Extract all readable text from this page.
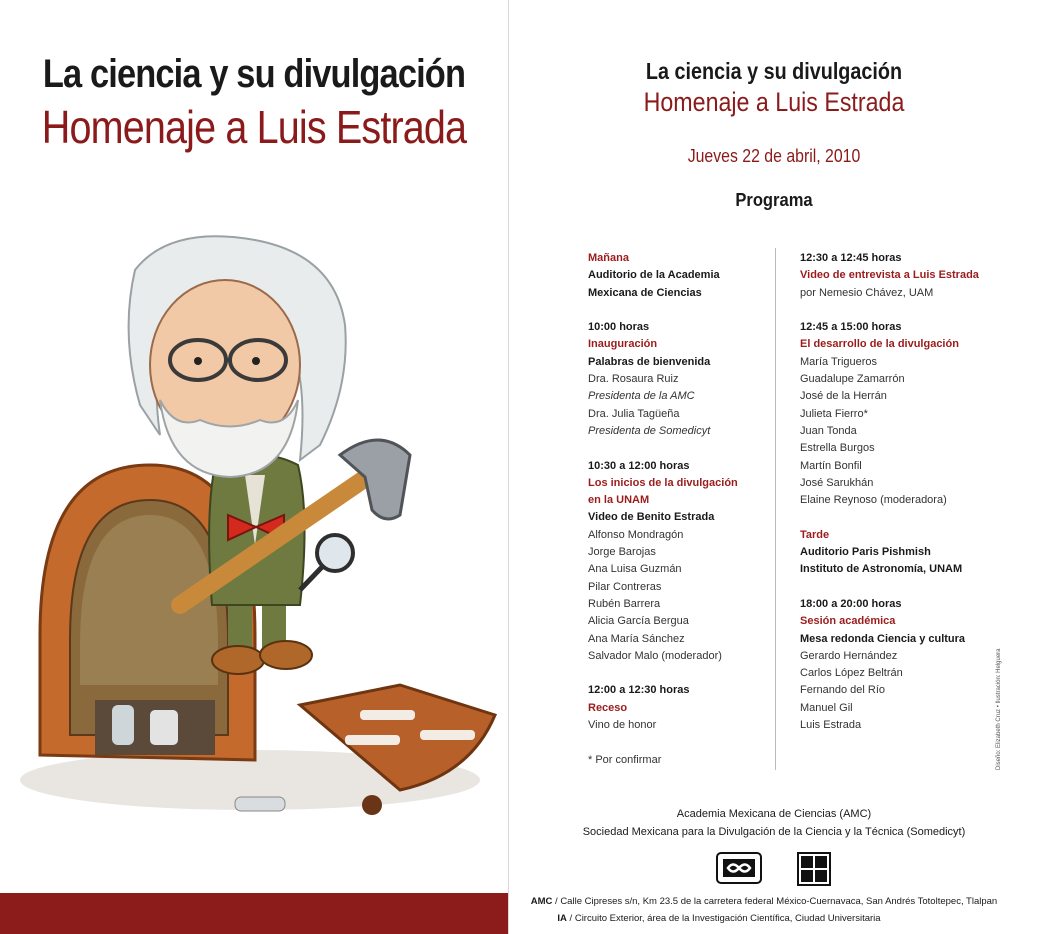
La ciencia y su divulgación
Homenaje a Luis Estrada
La ciencia y su divulgación
Homenaje a Luis Estrada
Jueves 22 de abril, 2010
Programa
Mañana
Auditorio de la Academia
Mexicana de Ciencias
10:00 horas
Inauguración
Palabras de bienvenida
Dra. Rosaura Ruiz
Presidenta de la AMC
Dra. Julia Tagüeña
Presidenta de Somedicyt
10:30 a 12:00 horas
Los inicios de la divulgación
en la UNAM
Video de Benito Estrada
Alfonso Mondragón
Jorge Barojas
Ana Luisa Guzmán
Pilar Contreras
Rubén Barrera
Alicia García Bergua
Ana María Sánchez
Salvador Malo (moderador)
12:00 a 12:30 horas
Receso
Vino de honor
* Por confirmar
12:30 a 12:45 horas
Video de entrevista a Luis Estrada
por Nemesio Chávez, UAM
12:45 a 15:00 horas
El desarrollo de la divulgación
María Trigueros
Guadalupe Zamarrón
José de la Herrán
Julieta Fierro*
Juan Tonda
Estrella Burgos
Martín Bonfil
José Sarukhán
Elaine Reynoso (moderadora)
Tarde
Auditorio Paris Pishmish
Instituto de Astronomía, UNAM
18:00 a 20:00 horas
Sesión académica
Mesa redonda Ciencia y cultura
Gerardo Hernández
Carlos López Beltrán
Fernando del Río
Manuel Gil
Luis Estrada
Academia Mexicana de Ciencias (AMC)
Sociedad Mexicana para la Divulgación de la Ciencia y la Técnica (Somedicyt)
AMC / Calle Cipreses s/n, Km 23.5 de la carretera federal México-Cuernavaca, San Andrés Totoltepec, Tlalpan
IA / Circuito Exterior, área de la Investigación Científica, Ciudad Universitaria
Diseño: Elizabeth Cruz • Ilustración: Helguera
